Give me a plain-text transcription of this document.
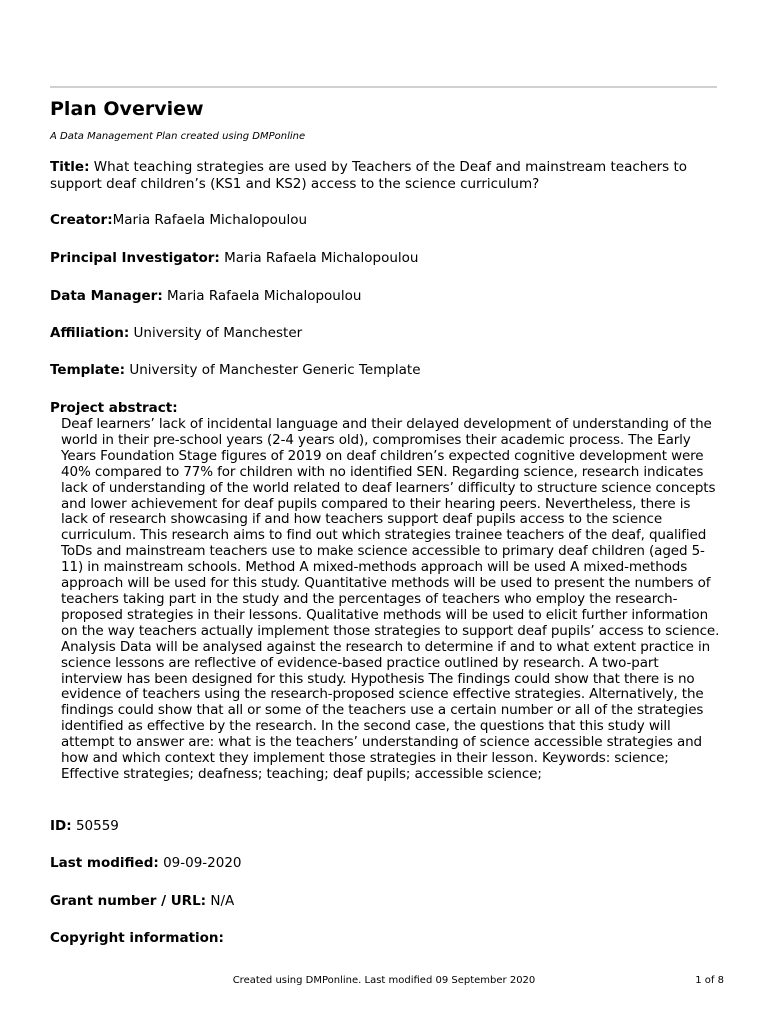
Plan Overview

A Data Management Plan created using DMPonline

Title: What teaching strategies are used by Teachers of the Deaf and mainstream teachers to support deaf children’s (KS1 and KS2) access to the science curriculum?

Creator:Maria Rafaela Michalopoulou

Principal Investigator: Maria Rafaela Michalopoulou

Data Manager: Maria Rafaela Michalopoulou

Affiliation: University of Manchester

Template: University of Manchester Generic Template

Project abstract:

Deaf learners’ lack of incidental language and their delayed development of understanding of the world in their pre-school years (2-4 years old), compromises their academic process. The Early Years Foundation Stage figures of 2019 on deaf children’s expected cognitive development were 40% compared to 77% for children with no identified SEN. Regarding science, research indicates lack of understanding of the world related to deaf learners’ difficulty to structure science concepts and lower achievement for deaf pupils compared to their hearing peers. Nevertheless, there is lack of research showcasing if and how teachers support deaf pupils access to the science curriculum. This research aims to find out which strategies trainee teachers of the deaf, qualified ToDs and mainstream teachers use to make science accessible to primary deaf children (aged 5-11) in mainstream schools. Method A mixed-methods approach will be used A mixed-methods approach will be used for this study. Quantitative methods will be used to present the numbers of teachers taking part in the study and the percentages of teachers who employ the research-proposed strategies in their lessons. Qualitative methods will be used to elicit further information on the way teachers actually implement those strategies to support deaf pupils’ access to science. Analysis Data will be analysed against the research to determine if and to what extent practice in science lessons are reflective of evidence-based practice outlined by research. A two-part interview has been designed for this study. Hypothesis The findings could show that there is no evidence of teachers using the research-proposed science effective strategies. Alternatively, the findings could show that all or some of the teachers use a certain number or all of the strategies identified as effective by the research. In the second case, the questions that this study will attempt to answer are: what is the teachers’ understanding of science accessible strategies and how and which context they implement those strategies in their lesson. Keywords: science; Effective strategies; deafness; teaching; deaf pupils; accessible science;

ID: 50559

Last modified: 09-09-2020

Grant number / URL: N/A

Copyright information:

Created using DMPonline. Last modified 09 September 2020	1 of 8
